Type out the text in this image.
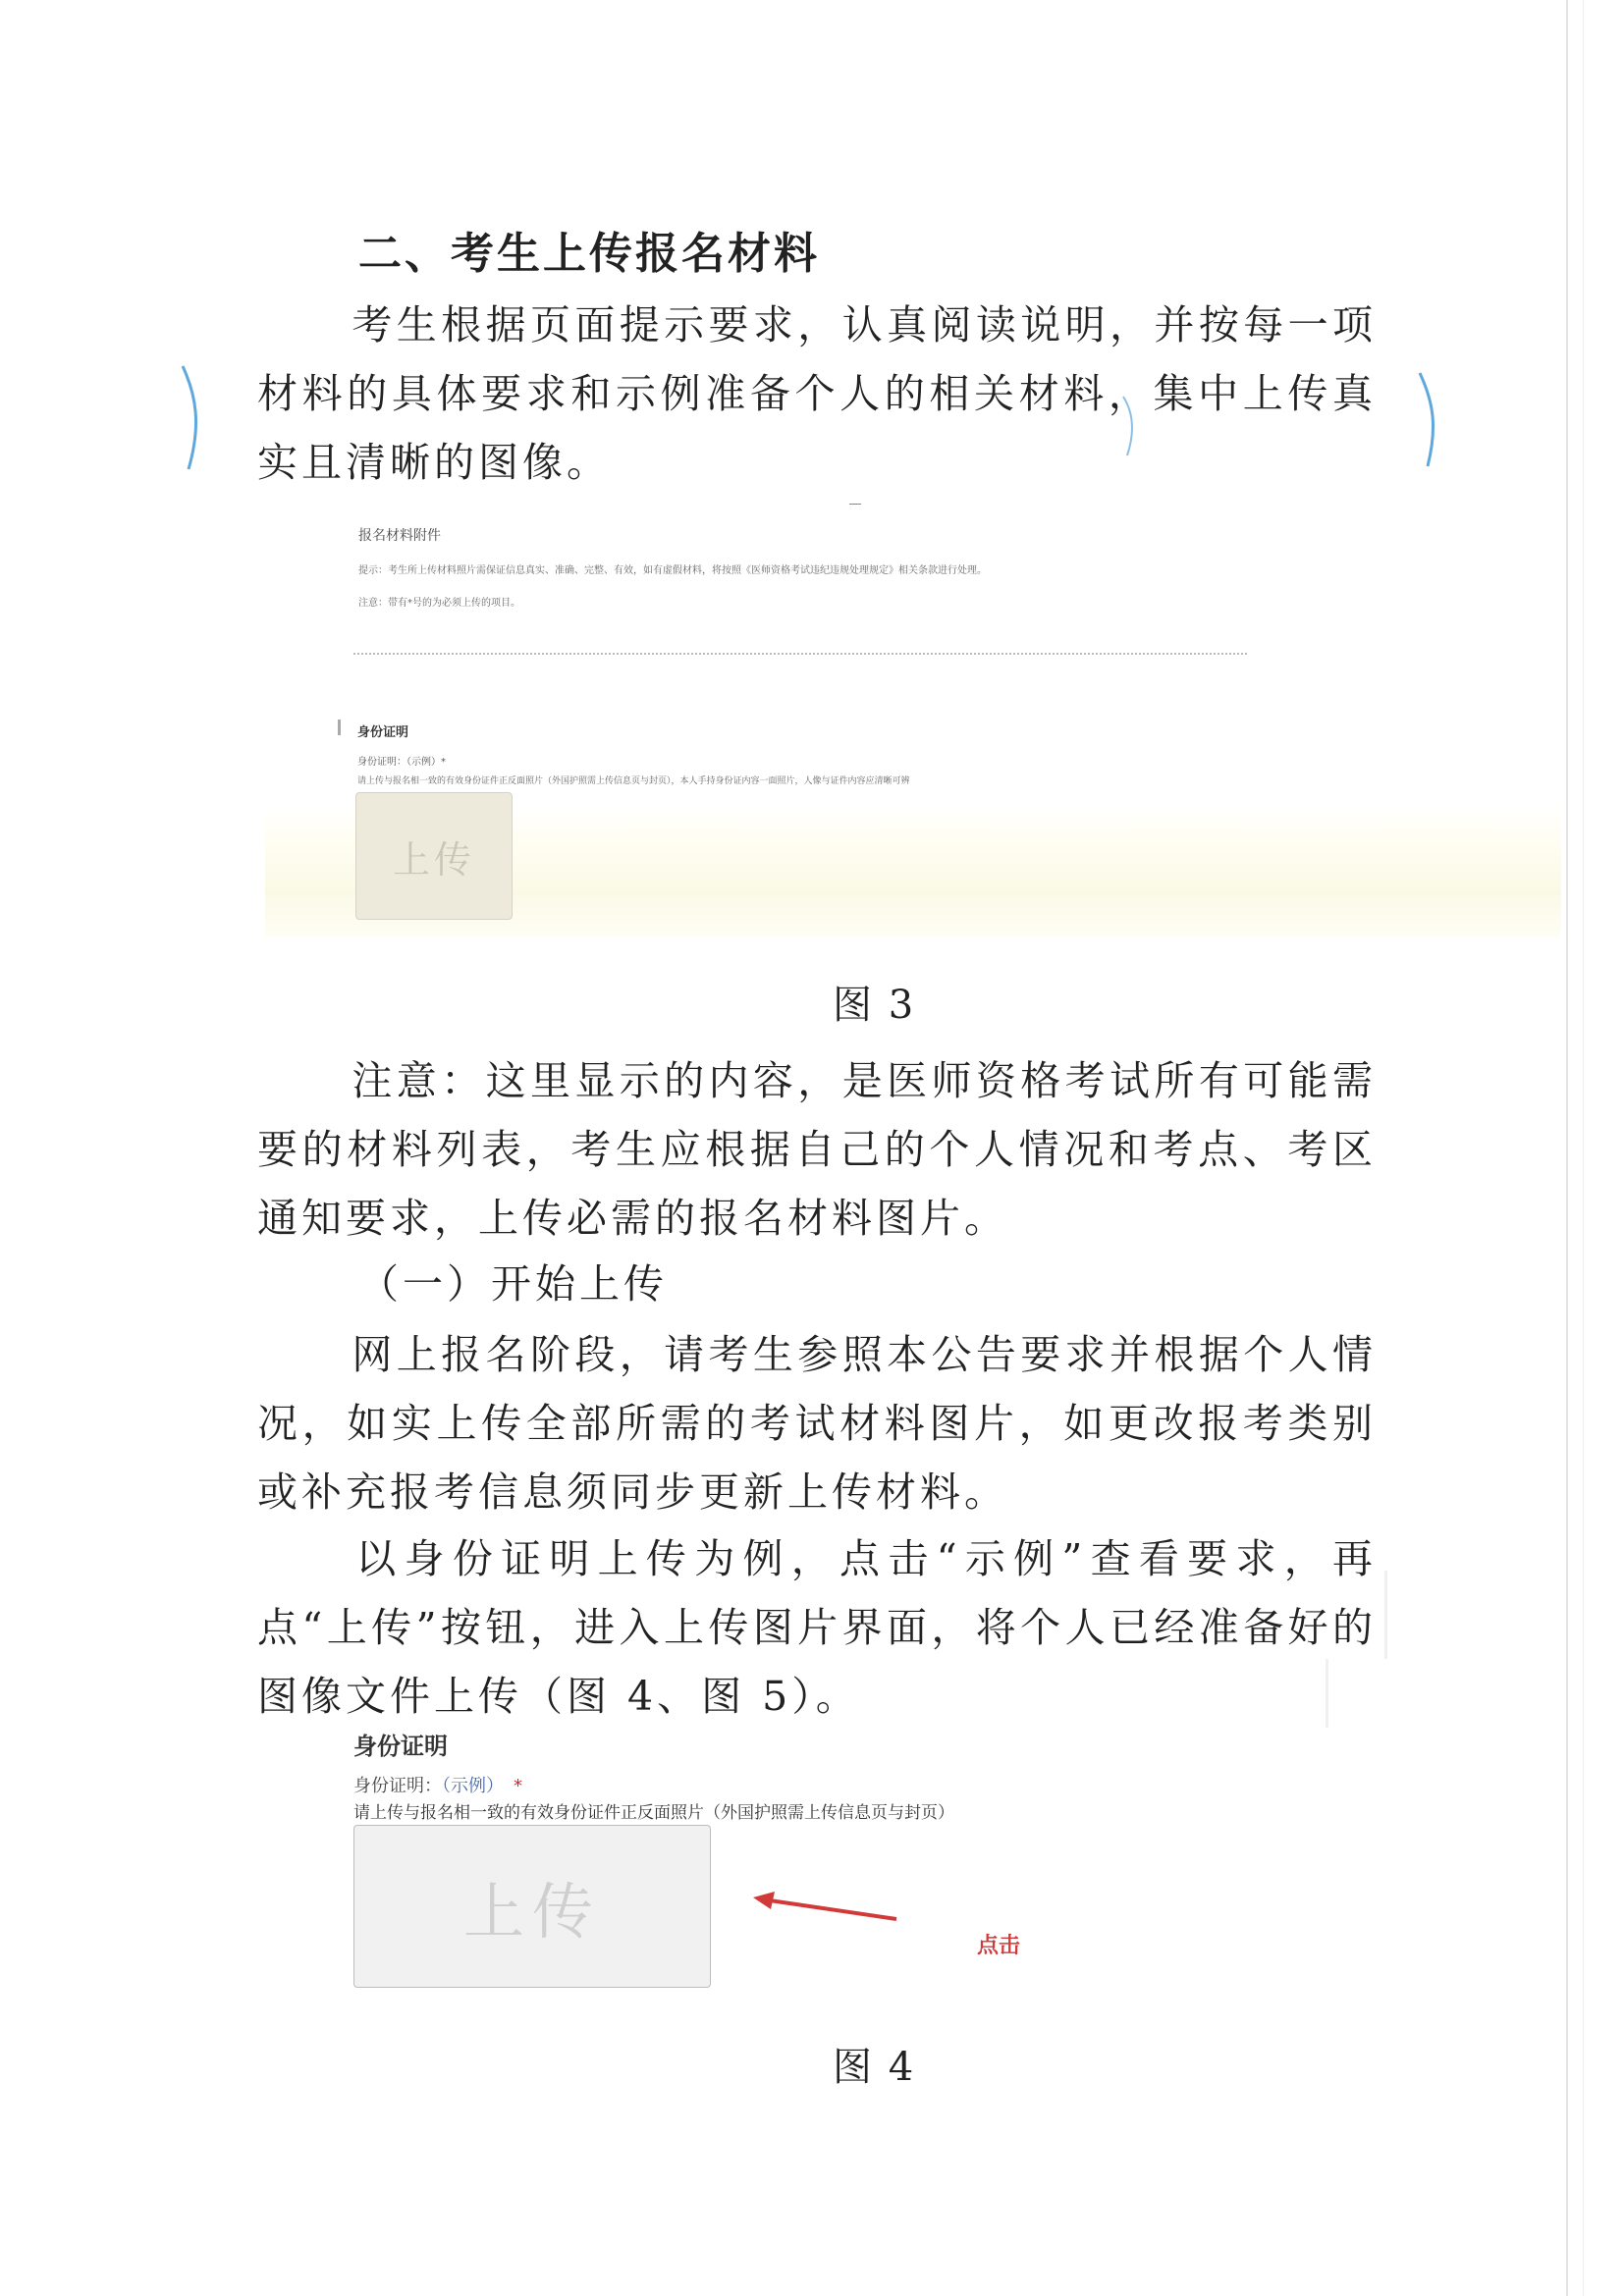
二、考生上传报名材料
考生根据页面提示要求，认真阅读说明，并按每一项材料的具体要求和示例准备个人的相关材料，集中上传真实且清晰的图像。
报名材料附件
提示：考生所上传材料照片需保证信息真实、准确、完整、有效，如有虚假材料，将按照《医师资格考试违纪违规处理规定》相关条款进行处理。
注意：带有*号的为必须上传的项目。
身份证明
身份证明：（示例）*
请上传与报名相一致的有效身份证件正反面照片（外国护照需上传信息页与封页），本人手持身份证内容一面照片，人像与证件内容应清晰可辨
上传
图 3
注意：这里显示的内容，是医师资格考试所有可能需要的材料列表，考生应根据自己的个人情况和考点、考区通知要求，上传必需的报名材料图片。
（一）开始上传
网上报名阶段，请考生参照本公告要求并根据个人情况，如实上传全部所需的考试材料图片，如更改报考类别或补充报考信息须同步更新上传材料。
以身份证明上传为例，点击“示例”查看要求，再点“上传”按钮，进入上传图片界面，将个人已经准备好的图像文件上传（图 4、图 5）。
身份证明
身份证明：（示例） *
请上传与报名相一致的有效身份证件正反面照片（外国护照需上传信息页与封页）
上传	点击
图 4
